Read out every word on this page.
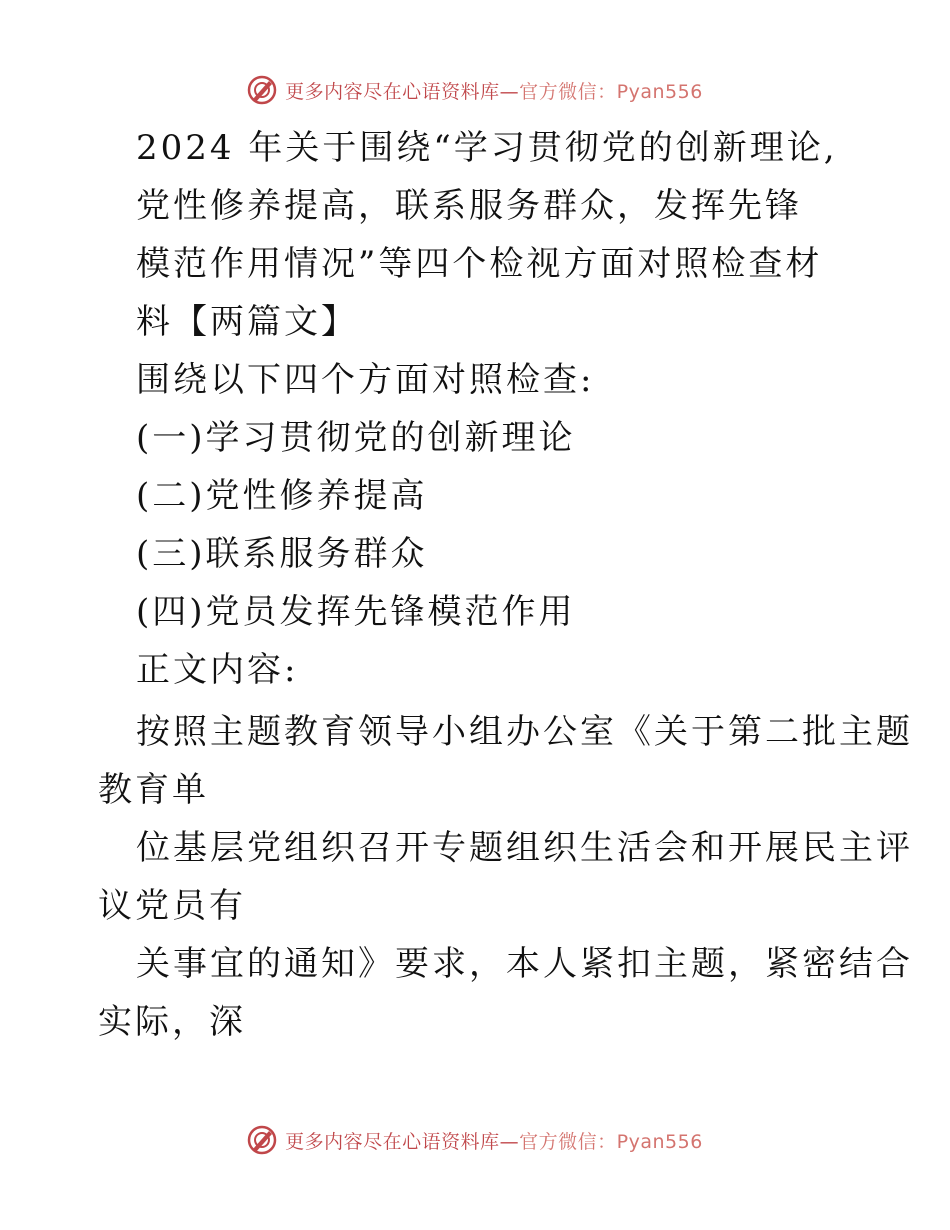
更多内容尽在心语资料库—官方微信：Pyan556
2024 年关于围绕“学习贯彻党的创新理论,
党性修养提高，联系服务群众，发挥先锋
模范作用情况”等四个检视方面对照检查材
料【两篇文】
围绕以下四个方面对照检查:
(一)学习贯彻党的创新理论
(二)党性修养提高
(三)联系服务群众
(四)党员发挥先锋模范作用
正文内容:
按照主题教育领导小组办公室《关于第二批主题
教育单
位基层党组织召开专题组织生活会和开展民主评
议党员有
关事宜的通知》要求，本人紧扣主题，紧密结合
实际，深
更多内容尽在心语资料库—官方微信：Pyan556
